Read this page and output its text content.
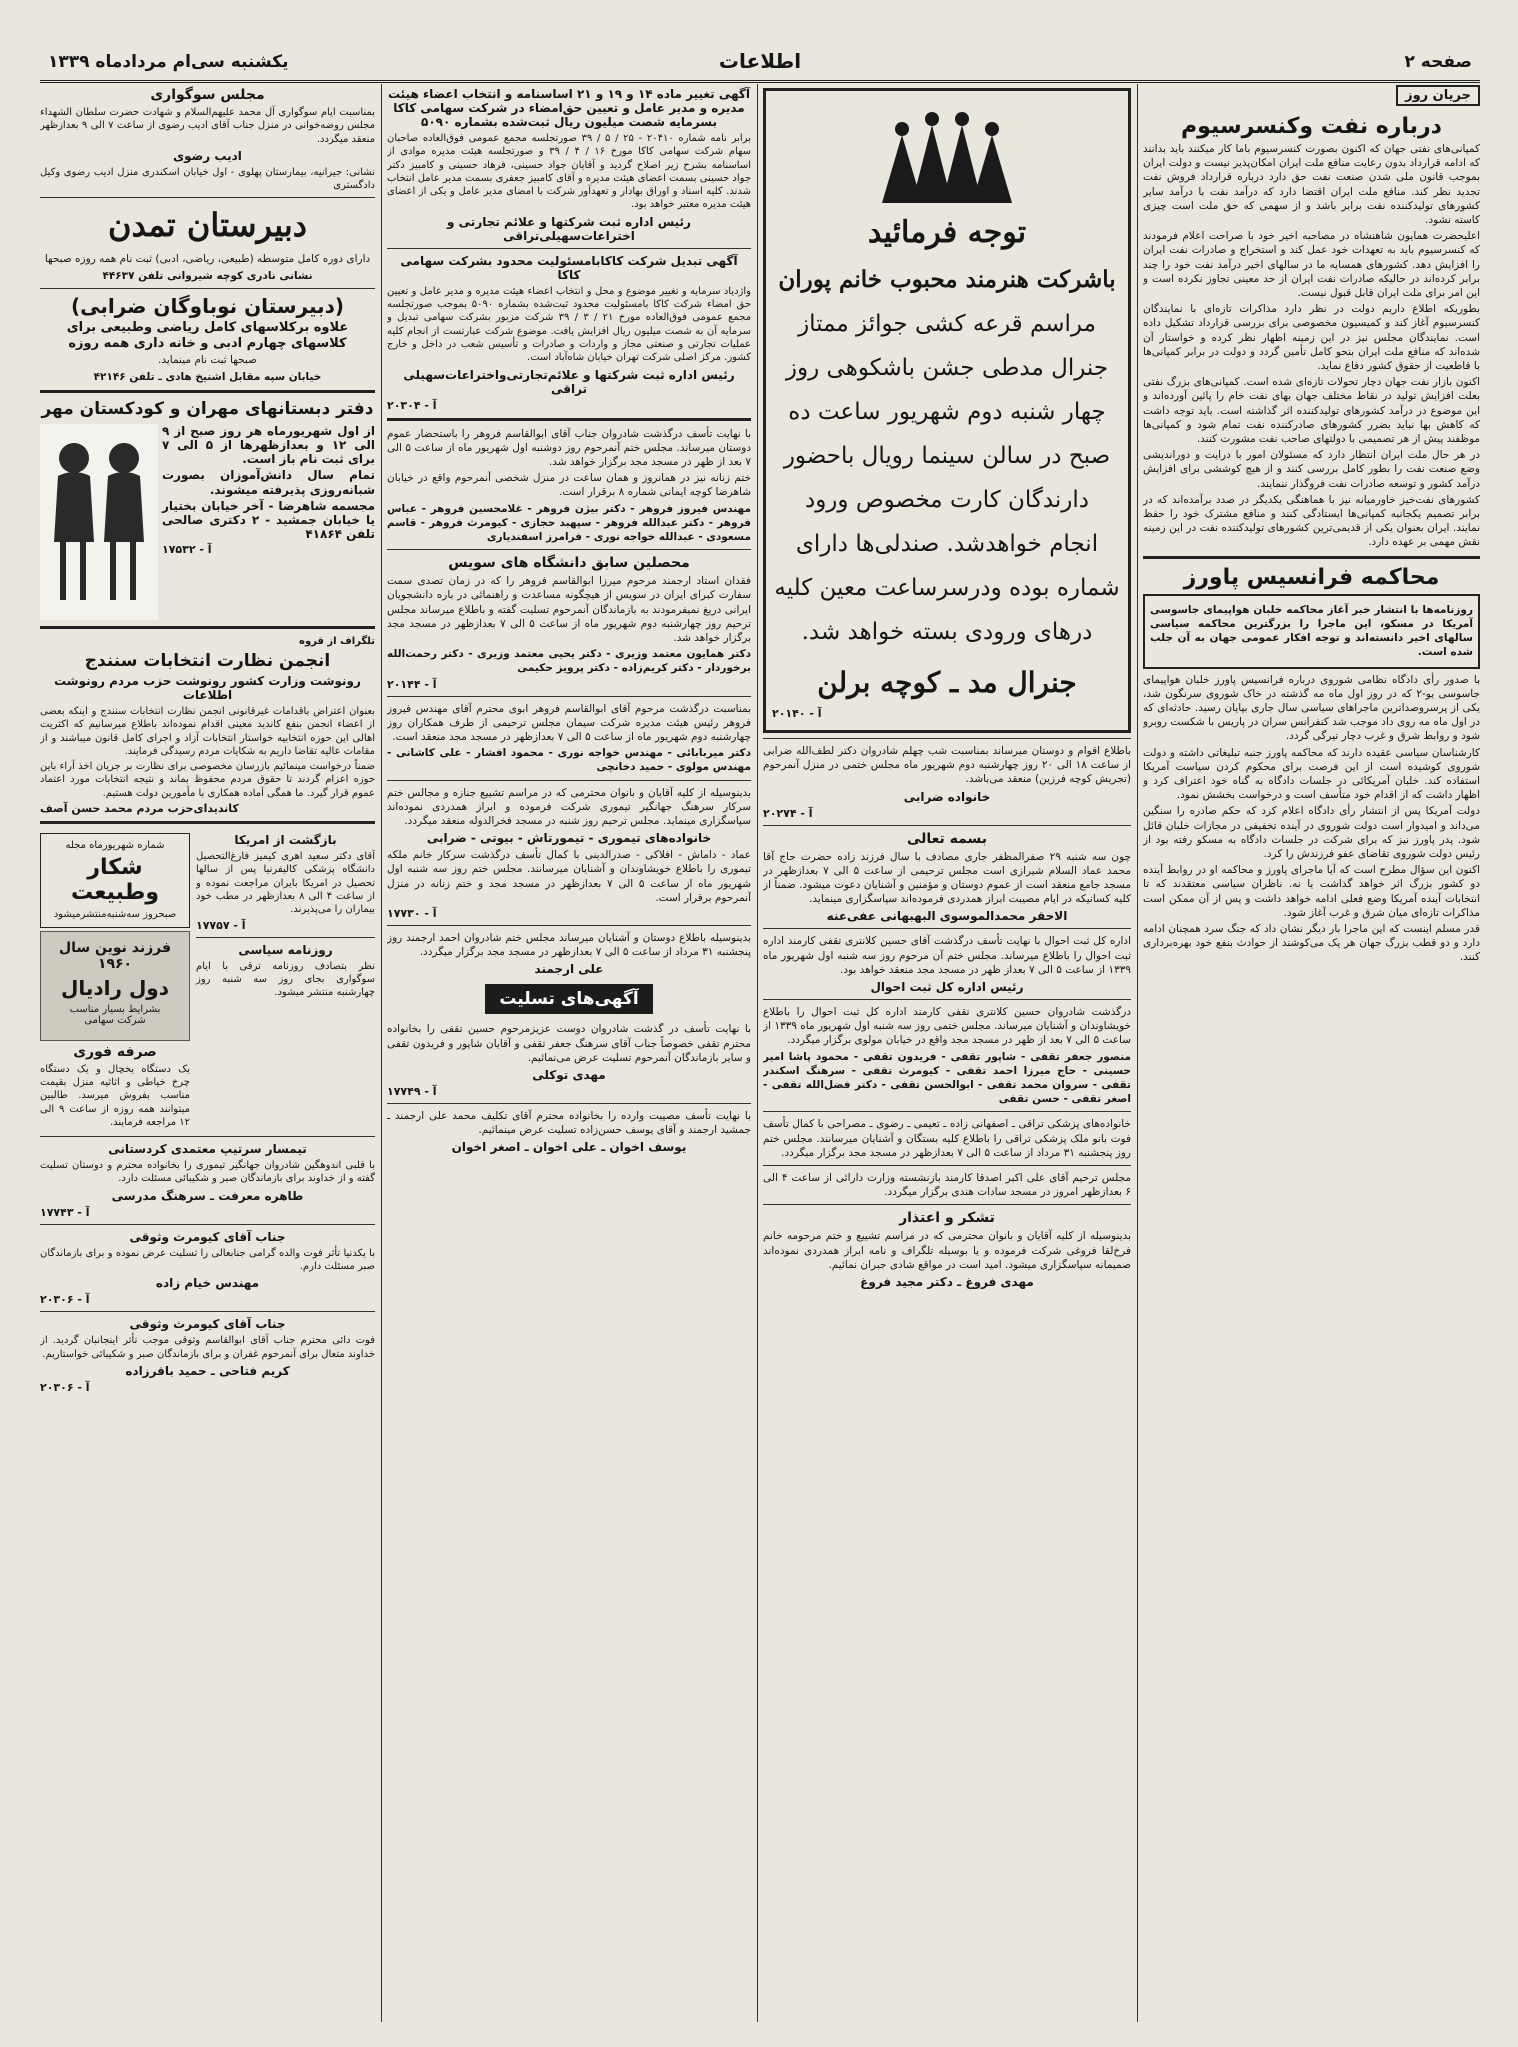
صفحه ۲
اطلاعات
یکشنبه سی‌ام مردادماه ۱۳۳۹
جریان روز
درباره نفت وکنسرسیوم

کمپانی‌های نفتی جهان که اکنون بصورت کنسرسیوم باما کار میکنند باید بدانند که ادامه قرارداد بدون رعایت منافع ملت ایران امکان‌پذیر نیست و دولت ایران بموجب قانون ملی شدن صنعت نفت حق دارد درباره قرارداد فروش نفت تجدید نظر کند. منافع ملت ایران اقتضا دارد که درآمد نفت با درآمد سایر کشورهای تولیدکننده نفت برابر باشد و از سهمی که حق ملت است چیزی کاسته نشود.

اعلیحضرت همایون شاهنشاه در مصاحبه اخیر خود با صراحت اعلام فرمودند که کنسرسیوم باید به تعهدات خود عمل کند و استخراج و صادرات نفت ایران را افزایش دهد. کشورهای همسایه ما در سالهای اخیر درآمد نفت خود را چند برابر کرده‌اند در حالیکه صادرات نفت ایران از حد معینی تجاوز نکرده است و این امر برای ملت ایران قابل قبول نیست.

بطوریکه اطلاع داریم دولت در نظر دارد مذاکرات تازه‌ای با نمایندگان کنسرسیوم آغاز کند و کمیسیون مخصوصی برای بررسی قرارداد تشکیل داده است. نمایندگان مجلس نیز در این زمینه اظهار نظر کرده و خواستار آن شده‌اند که منافع ملت ایران بنحو کامل تأمین گردد و دولت در برابر کمپانی‌ها با قاطعیت از حقوق کشور دفاع نماید.

اکنون بازار نفت جهان دچار تحولات تازه‌ای شده است. کمپانی‌های بزرگ نفتی بعلت افزایش تولید در نقاط مختلف جهان بهای نفت خام را پائین آورده‌اند و این موضوع در درآمد کشورهای تولیدکننده اثر گذاشته است. باید توجه داشت که کاهش بها نباید بضرر کشورهای صادرکننده نفت تمام شود و کمپانی‌ها موظفند پیش از هر تصمیمی با دولتهای صاحب نفت مشورت کنند.

در هر حال ملت ایران انتظار دارد که مسئولان امور با درایت و دوراندیشی وضع صنعت نفت را بطور کامل بررسی کنند و از هیچ کوششی برای افزایش درآمد کشور و توسعه صادرات نفت فروگذار ننمایند.

کشورهای نفت‌خیز خاورمیانه نیز با هماهنگی یکدیگر در صدد برآمده‌اند که در برابر تصمیم یکجانبه کمپانی‌ها ایستادگی کنند و منافع مشترک خود را حفظ نمایند. ایران بعنوان یکی از قدیمی‌ترین کشورهای تولیدکننده نفت در این زمینه نقش مهمی بر عهده دارد.

محاکمه فرانسیس پاورز

روزنامه‌ها با انتشار خبر آغاز محاکمه خلبان هواپیمای جاسوسی آمریکا در مسکو، این ماجرا را بزرگترین محاکمه سیاسی سالهای اخیر دانسته‌اند و توجه افکار عمومی جهان به آن جلب شده است.

با صدور رأی دادگاه نظامی شوروی درباره فرانسیس پاورز خلبان هواپیمای جاسوسی یو-۲ که در روز اول ماه مه گذشته در خاک شوروی سرنگون شد، یکی از پرسروصداترین ماجراهای سیاسی سال جاری بپایان رسید. حادثه‌ای که در اول ماه مه روی داد موجب شد کنفرانس سران در پاریس با شکست روبرو شود و روابط شرق و غرب دچار تیرگی گردد.

کارشناسان سیاسی عقیده دارند که محاکمه پاورز جنبه تبلیغاتی داشته و دولت شوروی کوشیده است از این فرصت برای محکوم کردن سیاست آمریکا استفاده کند. خلبان آمریکائی در جلسات دادگاه به گناه خود اعتراف کرد و اظهار داشت که از اقدام خود متأسف است و درخواست بخشش نمود.

دولت آمریکا پس از انتشار رأی دادگاه اعلام کرد که حکم صادره را سنگین می‌داند و امیدوار است دولت شوروی در آینده تخفیفی در مجازات خلبان قائل شود. پدر پاورز نیز که برای شرکت در جلسات دادگاه به مسکو رفته بود از رئیس دولت شوروی تقاضای عفو فرزندش را کرد.

اکنون این سؤال مطرح است که آیا ماجرای پاورز و محاکمه او در روابط آینده دو کشور بزرگ اثر خواهد گذاشت یا نه. ناظران سیاسی معتقدند که تا انتخابات آینده آمریکا وضع فعلی ادامه خواهد داشت و پس از آن ممکن است مذاکرات تازه‌ای میان شرق و غرب آغاز شود.

قدر مسلم اینست که این ماجرا بار دیگر نشان داد که جنگ سرد همچنان ادامه دارد و دو قطب بزرگ جهان هر یک می‌کوشند از حوادث بنفع خود بهره‌برداری کنند.

توجه فرمائید

باشرکت هنرمند محبوب خانم پوران

مراسم قرعه کشی جوائز ممتاز

جنرال مدطی جشن باشکوهی روز

چهار شنبه دوم شهریور ساعت ده

صبح در سالن سینما رویال باحضور

دارندگان کارت مخصوص ورود

انجام خواهدشد. صندلی‌ها دارای

شماره بوده ودرسرساعت معین کلیه

درهای ورودی بسته خواهد شد.

جنرال مد ـ کوچه برلن
آ - ۲۰۱۴۰

باطلاع اقوام و دوستان میرساند بمناسبت شب چهلم شادروان دکتر لطف‌الله ضرابی از ساعت ۱۸ الی ۲۰ روز چهارشنبه دوم شهریور ماه مجلس ختمی در منزل آنمرحوم (تجریش کوچه فرزین) منعقد می‌باشد.

خانواده ضرابی
آ - ۲۰۲۷۴
بسمه تعالی

چون سه شنبه ۲۹ صفرالمظفر جاری مصادف با سال فرزند زاده حضرت حاج آقا محمد عماد السلام شیرازی است مجلس ترحیمی از ساعت ۵ الی ۷ بعدازظهر در مسجد جامع منعقد است از عموم دوستان و مؤمنین و آشنایان دعوت میشود. ضمناً از کلیه کسانیکه در ایام مصیبت ابراز همدردی فرموده‌اند سپاسگزاری مینماید.

الاحقر محمدالموسوی البهبهانی عفی‌عنه

اداره کل ثبت احوال با نهایت تأسف درگذشت آقای حسین کلانتری تقفی کارمند اداره ثبت احوال را باطلاع میرساند. مجلس ختم آن مرحوم روز سه شنبه اول شهریور ماه ۱۳۳۹ از ساعت ۵ الی ۷ بعداز ظهر در مسجد مجد منعقد خواهد بود.

رئیس اداره کل ثبت احوال

درگذشت شادروان حسین کلانتری تقفی کارمند اداره کل ثبت احوال را باطلاع خویشاوندان و آشنایان میرساند. مجلس ختمی روز سه شنبه اول شهریور ماه ۱۳۳۹ از ساعت ۵ الی ۷ بعد از ظهر در مسجد مجد واقع در خیابان مولوی برگزار میگردد.

منصور جعفر تقفی - شاپور تقفی - فریدون تقفی - محمود پاشا امیر حسینی - حاج میرزا احمد تقفی - کیومرث تقفی - سرهنگ اسکندر تقفی - سروان محمد تقفی - ابوالحسن تقفی - دکتر فضل‌الله تقفی - اصغر تقفی - حسن تقفی

خانواده‌های پزشکی تراقی ـ اصفهانی زاده ـ تعیمی ـ رضوی ـ مصراحی با کمال تأسف فوت بانو ملک پزشکی تراقی را باطلاع کلیه بستگان و آشنایان میرسانند. مجلس ختم روز پنجشنبه ۳۱ مرداد از ساعت ۵ الی ۷ بعدازظهر در مسجد مجد برگزار میگردد.

مجلس ترحیم آقای علی اکبر اصدقا کارمند بازنشسته وزارت دارائی از ساعت ۴ الی ۶ بعدازظهر امروز در مسجد سادات هندی برگزار میگردد.

تشکر و اعتذار

بدینوسیله از کلیه آقایان و بانوان محترمی که در مراسم تشییع و ختم مرحومه خانم فرخ‌لقا فروغی شرکت فرموده و یا بوسیله تلگراف و نامه ابراز همدردی نموده‌اند صمیمانه سپاسگزاری میشود. امید است در مواقع شادی جبران نمائیم.

مهدی فروغ ـ دکتر مجید فروغ
آگهی تغییر ماده ۱۴ و ۱۹ و ۲۱ اساسنامه و انتخاب اعضاء هیئت مدیره و مدیر عامل و تعیین حق‌امضاء در شرکت سهامی کاکا بسرمایه شصت میلیون ریال ثبت‌شده بشماره ۵۰۹۰

برابر نامه شماره ۲۰۴۱۰ - ۲۵ / ۵ / ۳۹ صورتجلسه مجمع عمومی فوق‌العاده صاحبان سهام شرکت سهامی کاکا مورخ ۱۶ / ۴ / ۳۹ و صورتجلسه هیئت مدیره موادی از اساسنامه بشرح زیر اصلاح گردید و آقایان جواد حسینی، فرهاد حسینی و کامبیز دکتر جواد حسینی بسمت اعضای هیئت مدیره و آقای کامبیز جعفری بسمت مدیر عامل انتخاب شدند. کلیه اسناد و اوراق بهادار و تعهدآور شرکت با امضای مدیر عامل و یکی از اعضای هیئت مدیره معتبر خواهد بود.

رئیس اداره ثبت شرکتها و علائم تجارتی و اختراعات‌سهیلی‌تراقی
آگهی تبدیل شرکت کاکابامسئولیت محدود بشرکت سهامی کاکا

واژدیاد سرمایه و تغییر موضوع و محل و انتخاب اعضاء هیئت مدیره و مدیر عامل و تعیین حق امضاء شرکت کاکا بامسئولیت محدود ثبت‌شده بشماره ۵۰۹۰ بموجب صورتجلسه مجمع عمومی فوق‌العاده مورخ ۲۱ / ۳ / ۳۹ شرکت مزبور بشرکت سهامی تبدیل و سرمایه آن به شصت میلیون ریال افزایش یافت. موضوع شرکت عبارتست از انجام کلیه عملیات تجارتی و صنعتی مجاز و واردات و صادرات و تأسیس شعب در داخل و خارج کشور. مرکز اصلی شرکت تهران خیابان شاه‌آباد است.

رئیس اداره ثبت شرکتها و علائم‌تجارتی‌واختراعات‌سهیلی‌ تراقی
آ - ۲۰۳۰۴

با نهایت تأسف درگذشت شادروان جناب آقای ابوالقاسم فروهر را باستحضار عموم دوستان میرساند. مجلس ختم آنمرحوم روز دوشنبه اول شهریور ماه از ساعت ۵ الی ۷ بعد از ظهر در مسجد مجد برگزار خواهد شد.

ختم زنانه نیز در همانروز و همان ساعت در منزل شخصی آنمرحوم واقع در خیابان شاهرضا کوچه ایمانی شماره ۸ برقرار است.

مهندس فیروز فروهر - دکتر بیژن فروهر - غلامحسین فروهر - عباس فروهر - دکتر عبدالله فروهر - سپهبد حجازی - کیومرث فروهر - قاسم مسعودی - عبدالله خواجه نوری - فرامرز اسفندیاری

محصلین سابق دانشگاه های سویس

فقدان استاد ارجمند مرحوم میرزا ابوالقاسم فروهر را که در زمان تصدی سمت سفارت کبرای ایران در سویس از هیچگونه مساعدت و راهنمائی در باره دانشجویان ایرانی دریغ نمیفرمودند به بازماندگان آنمرحوم تسلیت گفته و باطلاع میرساند مجلس ترحیم روز چهارشنبه دوم شهریور ماه از ساعت ۵ الی ۷ بعدازظهر در مسجد مجد برگزار خواهد شد.

دکتر همایون معتمد وزیری - دکتر یحیی معتمد وزیری - دکتر رحمت‌الله برخوردار - دکتر کریم‌زاده - دکتر پرویز حکیمی

آ - ۲۰۱۴۴

بمناسبت درگذشت مرحوم آقای ابوالقاسم فروهر ابوی محترم آقای مهندس فیروز فروهر رئیس هیئت مدیره شرکت سیمان مجلس ترحیمی از طرف همکاران روز چهارشنبه دوم شهریور ماه از ساعت ۵ الی ۷ بعدازظهر در مسجد مجد منعقد است.

دکتر میربابائی - مهندس خواجه نوری - محمود افشار - علی کاشانی - مهندس مولوی - حمید دخانچی

بدینوسیله از کلیه آقایان و بانوان محترمی که در مراسم تشییع جنازه و مجالس ختم سرکار سرهنگ جهانگیر تیموری شرکت فرموده و ابراز همدردی نموده‌اند سپاسگزاری مینماید. مجلس ترحیم روز شنبه در مسجد فخرالدوله منعقد میگردد.

خانواده‌های تیموری - تیمورتاش - بیوتی - ضرابی

عماد - داماش - افلاکی - صدرالدینی با کمال تأسف درگذشت سرکار خانم ملکه تیموری را باطلاع خویشاوندان و آشنایان میرسانند. مجلس ختم روز سه شنبه اول شهریور ماه از ساعت ۵ الی ۷ بعدازظهر در مسجد مجد و ختم زنانه در منزل آنمرحوم برقرار است.

آ - ۱۷۷۳۰

بدینوسیله باطلاع دوستان و آشنایان میرساند مجلس ختم شادروان احمد ارجمند روز پنجشنبه ۳۱ مرداد از ساعت ۵ الی ۷ بعدازظهر در مسجد مجد برگزار میگردد.

علی ارجمند
آگهی‌های تسلیت

با نهایت تأسف در گذشت شادروان دوست عزیزمرحوم حسین تقفی را بخانواده محترم تقفی خصوصاً جناب آقای سرهنگ جعفر تقفی و آقایان شاپور و فریدون تقفی و سایر بازماندگان آنمرحوم تسلیت عرض می‌نمائیم.

مهدی توکلی
آ - ۱۷۷۴۹

با نهایت تأسف مصیبت وارده را بخانواده محترم آقای تکلیف محمد علی ارجمند ـ جمشید ارجمند و آقای یوسف حسن‌زاده تسلیت عرض مینمائیم.

یوسف اخوان ـ علی اخوان ـ اصغر اخوان
مجلس سوگواری

بمناسبت ایام سوگواری آل محمد علیهم‌السلام و شهادت حضرت سلطان الشهداء مجلس روضه‌خوانی در منزل جناب آقای ادیب رضوی از ساعت ۷ الی ۹ بعدازظهر منعقد میگردد.

ادیب رضوی

نشانی: جیرانیه، بیمارستان پهلوی - اول خیابان اسکندری منزل ادیب رضوی وکیل دادگستری

دبیرستان تمدن

دارای دوره کامل متوسطه (طبیعی، ریاضی، ادبی) ثبت نام همه روزه صبحها

نشانی نادری کوچه شیروانی تلفن ۴۴۶۳۷

(دبیرستان نوباوگان ضرابی)

علاوه برکلاسهای کامل ریاضی وطبیعی برای

کلاسهای چهارم ادبی و خانه داری همه روزه

صبحها ثبت نام مینماید.

خیابان سپه مقابل اشنیخ هادی ـ تلفن ۴۲۱۴۶

دفتر دبستانهای مهران و کودکستان مهر

از اول شهریورماه هر روز صبح از ۹ الی ۱۲ و بعدازظهرها از ۵ الی ۷ برای ثبت نام باز است.

تمام سال دانش‌آموزان بصورت شبانه‌روزی پذیرفته میشوند.

مجسمه شاهرضا - آخر خیابان بختیار یا خیابان جمشید - ۲ دکتری صالحی تلفن ۴۱۸۶۴

آ - ۱۷۵۳۲
تلگراف از قروه
انجمن نظارت انتخابات سنندج
رونوشت وزارت کشور رونوشت حزب مردم رونوشت اطلاعات

بعنوان اعتراض باقدامات غیرقانونی انجمن نظارت انتخابات سنندج و اینکه بعضی از اعضاء انجمن بنفع کاندید معینی اقدام نموده‌اند باطلاع میرسانیم که اکثریت اهالی این حوزه انتخابیه خواستار انتخابات آزاد و اجرای کامل قانون میباشند و از مقامات عالیه تقاضا داریم به شکایات مردم رسیدگی فرمایند.

ضمناً درخواست مینمائیم بازرسان مخصوصی برای نظارت بر جریان اخذ آراء باین حوزه اعزام گردند تا حقوق مردم محفوظ بماند و نتیجه انتخابات مورد اعتماد عموم قرار گیرد. ما همگی آماده همکاری با مأمورین دولت هستیم.

کاندیدای‌حزب مردم محمد حسن آصف
شماره شهریورماه مجله
شکار وطبیعت
صبحروز سه‌شنبه‌منتشرمیشود
فرزند نوین سال ۱۹۶۰
دول راديال
بشرایط بسیار مناسب
شرکت سهامی
صرفه فوری

یک دستگاه یخچال و یک دستگاه چرخ خیاطی و اثاثیه منزل بقیمت مناسب بفروش میرسد. طالبین میتوانند همه روزه از ساعت ۹ الی ۱۲ مراجعه فرمایند.

بازگشت از امریکا

آقای دکتر سعید اهری کیمیز فارغ‌التحصیل دانشگاه پزشکی کالیفرنیا پس از سالها تحصیل در امریکا بایران مراجعت نموده و از ساعت ۴ الی ۸ بعدازظهر در مطب خود بیماران را می‌پذیرند.

آ - ۱۷۷۵۷
روزنامه سیاسی

نظر بتصادف روزنامه ترقی با ایام سوگواری بجای روز سه شنبه روز چهارشنبه منتشر میشود.

تیمسار سرتیپ معتمدی کردستانی

با قلبی اندوهگین شادروان جهانگیر تیموری را بخانواده محترم و دوستان تسلیت گفته و از خداوند برای بازماندگان صبر و شکیبائی مسئلت دارد.

طاهره معرفت ـ سرهنگ مدرسی
آ - ۱۷۷۴۳
جناب آقای کیومرث وثوقی

با یکدنیا تأثر فوت والده گرامی جنابعالی را تسلیت عرض نموده و برای بازماندگان صبر مسئلت دارم.

مهندس خیام زاده
آ - ۲۰۳۰۶
جناب آقای کیومرث وثوقی

فوت دائی محترم جناب آقای ابوالقاسم وثوقی موجب تأثر اینجانبان گردید. از خداوند متعال برای آنمرحوم غفران و برای بازماندگان صبر و شکیبائی خواستاریم.

کریم فتاحی ـ حمید باقرزاده
آ - ۲۰۳۰۶
